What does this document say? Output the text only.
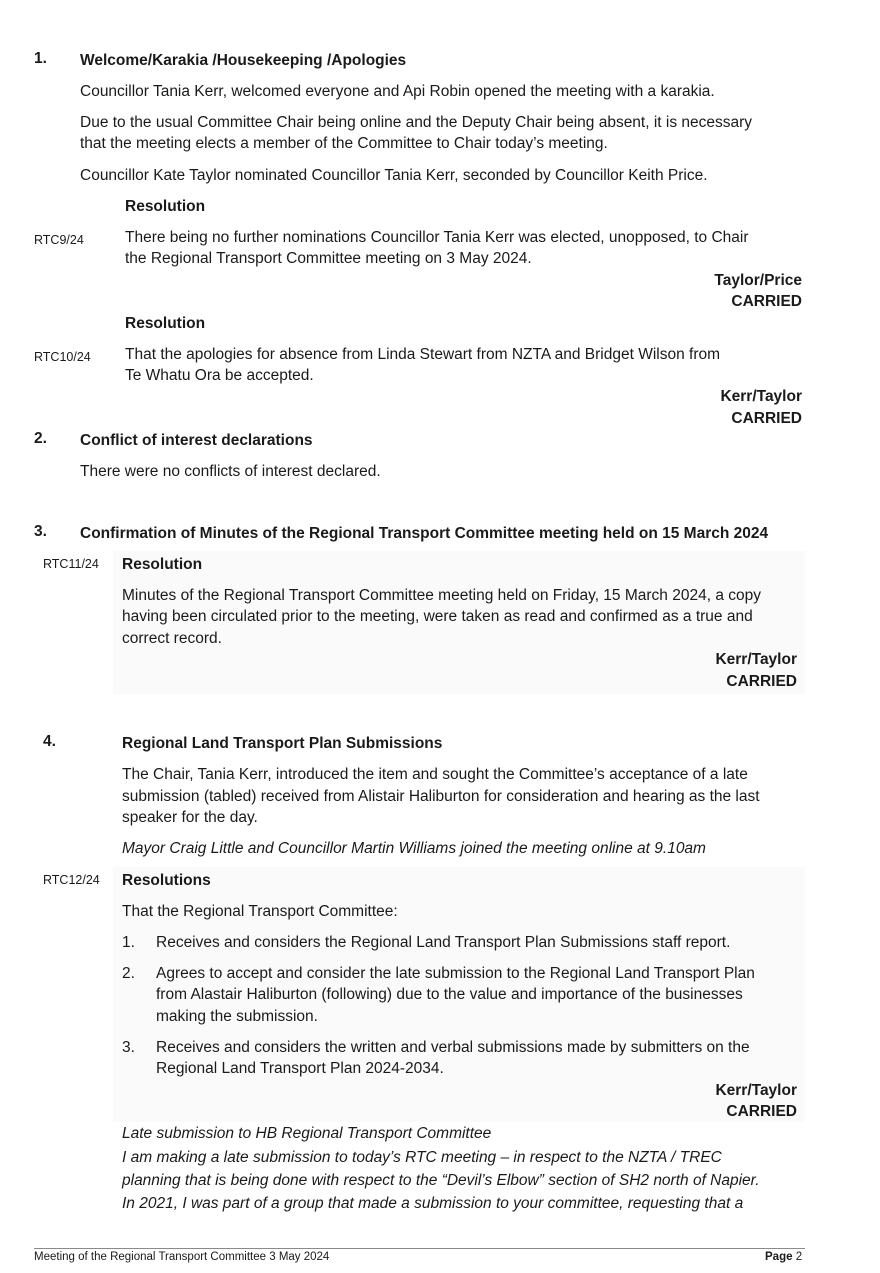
1. Welcome/Karakia /Housekeeping /Apologies
Councillor Tania Kerr, welcomed everyone and Api Robin opened the meeting with a karakia.
Due to the usual Committee Chair being online and the Deputy Chair being absent, it is necessary
that the meeting elects a member of the Committee to Chair today’s meeting.
Councillor Kate Taylor nominated Councillor Tania Kerr, seconded by Councillor Keith Price.
Resolution
RTC9/24	There being no further nominations Councillor Tania Kerr was elected, unopposed, to Chair
the Regional Transport Committee meeting on 3 May 2024.
Taylor/Price
CARRIED
Resolution
RTC10/24 That the apologies for absence from Linda Stewart from NZTA and Bridget Wilson from
Te Whatu Ora be accepted.
Kerr/Taylor
CARRIED
2. Conflict of interest declarations
There were no conflicts of interest declared.
3. Confirmation of Minutes of the Regional Transport Committee meeting held on 15 March 2024
RTC11/24 Resolution
Minutes of the Regional Transport Committee meeting held on Friday, 15 March 2024, a copy
having been circulated prior to the meeting, were taken as read and confirmed as a true and
correct record.
Kerr/Taylor
CARRIED
4.	Regional Land Transport Plan Submissions
The Chair, Tania Kerr, introduced the item and sought the Committee’s acceptance of a late
submission (tabled) received from Alistair Haliburton for consideration and hearing as the last
speaker for the day.
Mayor Craig Little and Councillor Martin Williams joined the meeting online at 9.10am
RTC12/24 Resolutions
That the Regional Transport Committee:
1. Receives and considers the Regional Land Transport Plan Submissions staff report.
2. Agrees to accept and consider the late submission to the Regional Land Transport Plan
from Alastair Haliburton (following) due to the value and importance of the businesses
making the submission.
3. Receives and considers the written and verbal submissions made by submitters on the
Regional Land Transport Plan 2024-2034.
Kerr/Taylor
CARRIED
Late submission to HB Regional Transport Committee
I am making a late submission to today’s RTC meeting – in respect to the NZTA / TREC
planning that is being done with respect to the “Devil’s Elbow” section of SH2 north of Napier.
In 2021, I was part of a group that made a submission to your committee, requesting that a
Meeting of the Regional Transport Committee 3 May 2024	Page 2
